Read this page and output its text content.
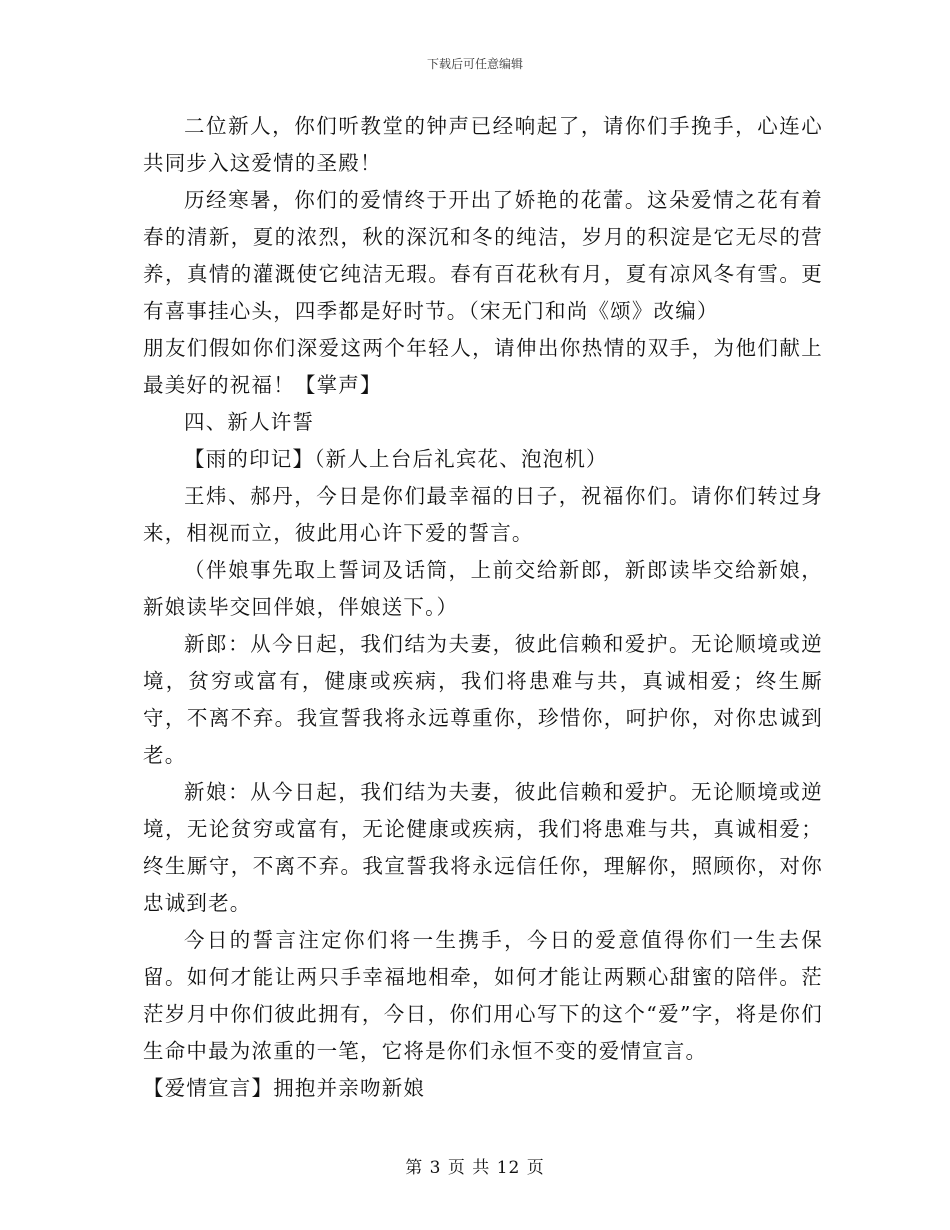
下载后可任意编辑

二位新人，你们听教堂的钟声已经响起了，请你们手挽手，心连心共同步入这爱情的圣殿！

历经寒暑，你们的爱情终于开出了娇艳的花蕾。这朵爱情之花有着春的清新，夏的浓烈，秋的深沉和冬的纯洁，岁月的积淀是它无尽的营养，真情的灌溉使它纯洁无瑕。春有百花秋有月，夏有凉风冬有雪。更有喜事挂心头，四季都是好时节。（宋无门和尚《颂》改编）

朋友们假如你们深爱这两个年轻人，请伸出你热情的双手，为他们献上最美好的祝福！【掌声】

四、新人许誓

【雨的印记】（新人上台后礼宾花、泡泡机）

王炜、郝丹，今日是你们最幸福的日子，祝福你们。请你们转过身来，相视而立，彼此用心许下爱的誓言。

（伴娘事先取上誓词及话筒，上前交给新郎，新郎读毕交给新娘，新娘读毕交回伴娘，伴娘送下。）

新郎：从今日起，我们结为夫妻，彼此信赖和爱护。无论顺境或逆境，贫穷或富有，健康或疾病，我们将患难与共，真诚相爱；终生厮守，不离不弃。我宣誓我将永远尊重你，珍惜你，呵护你，对你忠诚到老。

新娘：从今日起，我们结为夫妻，彼此信赖和爱护。无论顺境或逆境，无论贫穷或富有，无论健康或疾病，我们将患难与共，真诚相爱；终生厮守，不离不弃。我宣誓我将永远信任你，理解你，照顾你，对你忠诚到老。

今日的誓言注定你们将一生携手，今日的爱意值得你们一生去保留。如何才能让两只手幸福地相牵，如何才能让两颗心甜蜜的陪伴。茫茫岁月中你们彼此拥有，今日，你们用心写下的这个“爱”字，将是你们生命中最为浓重的一笔，它将是你们永恒不变的爱情宣言。

【爱情宣言】拥抱并亲吻新娘

第 3 页 共 12 页
